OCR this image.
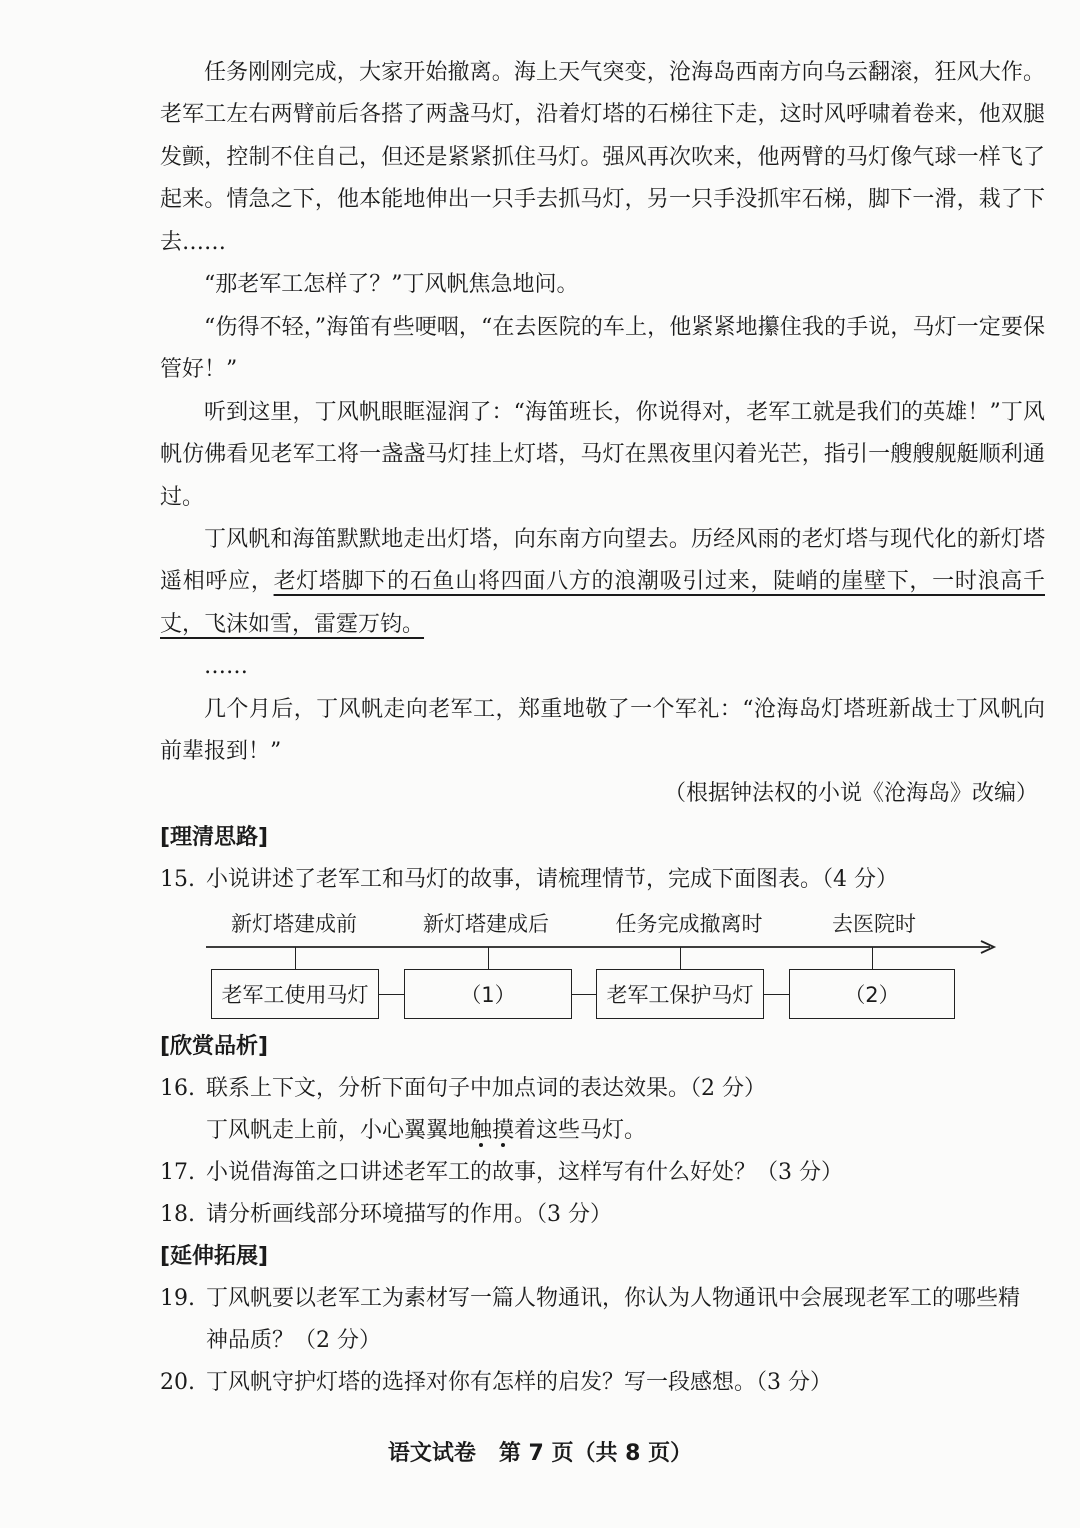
任务刚刚完成，大家开始撤离。海上天气突变，沧海岛西南方向乌云翻滚，狂风大作。老军工左右两臂前后各搭了两盏马灯，沿着灯塔的石梯往下走，这时风呼啸着卷来，他双腿发颤，控制不住自己，但还是紧紧抓住马灯。强风再次吹来，他两臂的马灯像气球一样飞了起来。情急之下，他本能地伸出一只手去抓马灯，另一只手没抓牢石梯，脚下一滑，栽了下去……

“那老军工怎样了？”丁风帆焦急地问。

“伤得不轻，”海笛有些哽咽，“在去医院的车上，他紧紧地攥住我的手说，马灯一定要保管好！”

听到这里，丁风帆眼眶湿润了：“海笛班长，你说得对，老军工就是我们的英雄！”丁风帆仿佛看见老军工将一盏盏马灯挂上灯塔，马灯在黑夜里闪着光芒，指引一艘艘舰艇顺利通过。

丁风帆和海笛默默地走出灯塔，向东南方向望去。历经风雨的老灯塔与现代化的新灯塔遥相呼应，老灯塔脚下的石鱼山将四面八方的浪潮吸引过来，陡峭的崖壁下，一时浪高千丈，飞沫如雪，雷霆万钧。

……

几个月后，丁风帆走向老军工，郑重地敬了一个军礼：“沧海岛灯塔班新战士丁风帆向前辈报到！”

（根据钟法权的小说《沧海岛》改编）
[理清思路]
15. 小说讲述了老军工和马灯的故事，请梳理情节，完成下面图表。（4 分）
新灯塔建成前	新灯塔建成后	任务完成撤离时	去医院时
老军工使用马灯	（1）	老军工保护马灯	（2）
[欣赏品析]
16. 联系上下文，分析下面句子中加点词的表达效果。（2 分）
丁风帆走上前，小心翼翼地触摸着这些马灯。
17. 小说借海笛之口讲述老军工的故事，这样写有什么好处？（3 分）
18. 请分析画线部分环境描写的作用。（3 分）
[延伸拓展]
19. 丁风帆要以老军工为素材写一篇人物通讯，你认为人物通讯中会展现老军工的哪些精
神品质？（2 分）
20. 丁风帆守护灯塔的选择对你有怎样的启发？写一段感想。（3 分）
语文试卷   第 7 页（共 8 页）
